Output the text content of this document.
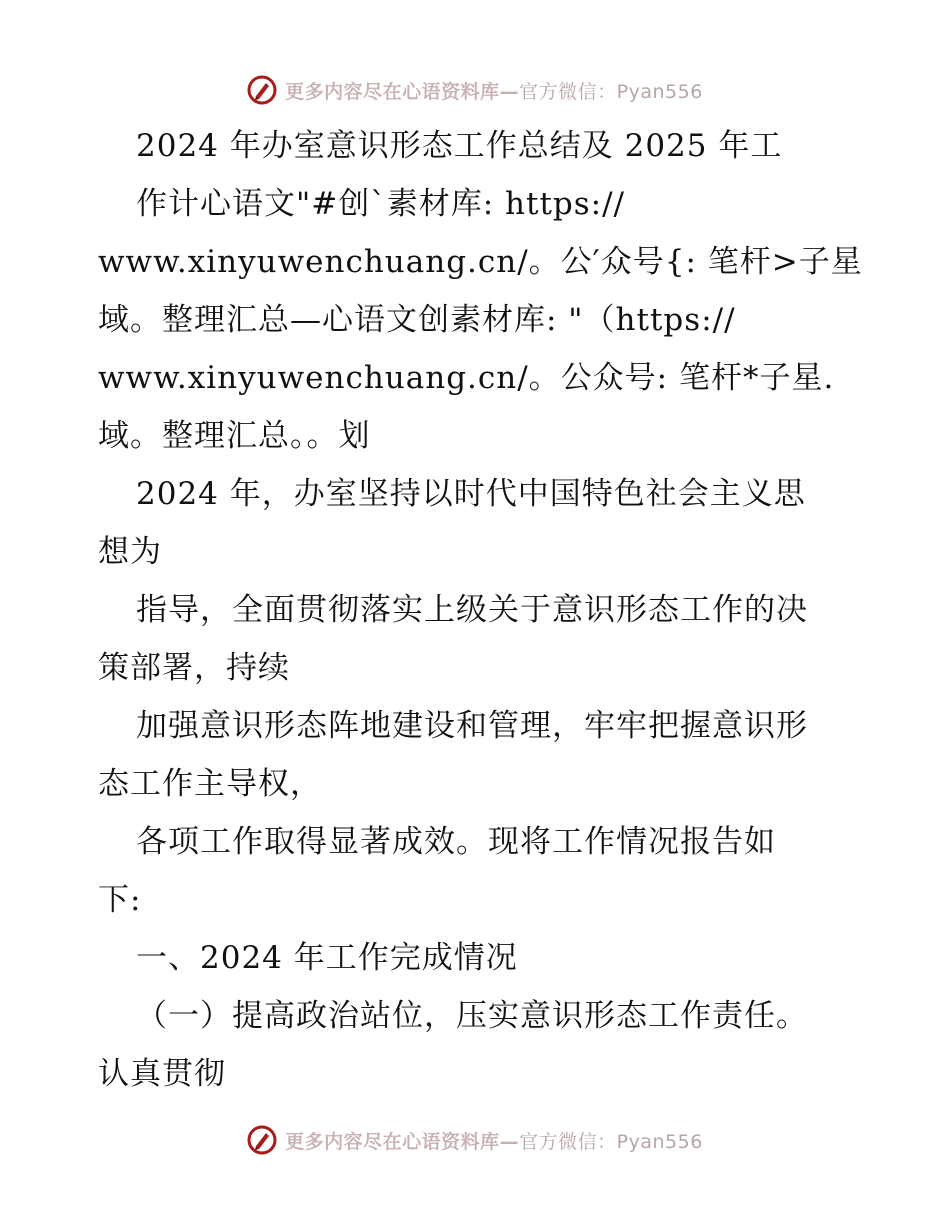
更多内容尽在心语资料库—官方微信：Pyan556
2024 年办室意识形态工作总结及 2025 年工
作计心语文"#创`素材库: https://
www.xinyuwenchuang.cn/。公′众号{: 笔杆>子星
域。整理汇总—心语文创素材库: "（https://
www.xinyuwenchuang.cn/。公众号: 笔杆*子星.
域。整理汇总。。划
2024 年，办室坚持以时代中国特色社会主义思
想为
指导，全面贯彻落实上级关于意识形态工作的决
策部署，持续
加强意识形态阵地建设和管理，牢牢把握意识形
态工作主导权，
各项工作取得显著成效。现将工作情况报告如
下:
一、2024 年工作完成情况
（一）提高政治站位，压实意识形态工作责任。
认真贯彻
更多内容尽在心语资料库—官方微信：Pyan556
